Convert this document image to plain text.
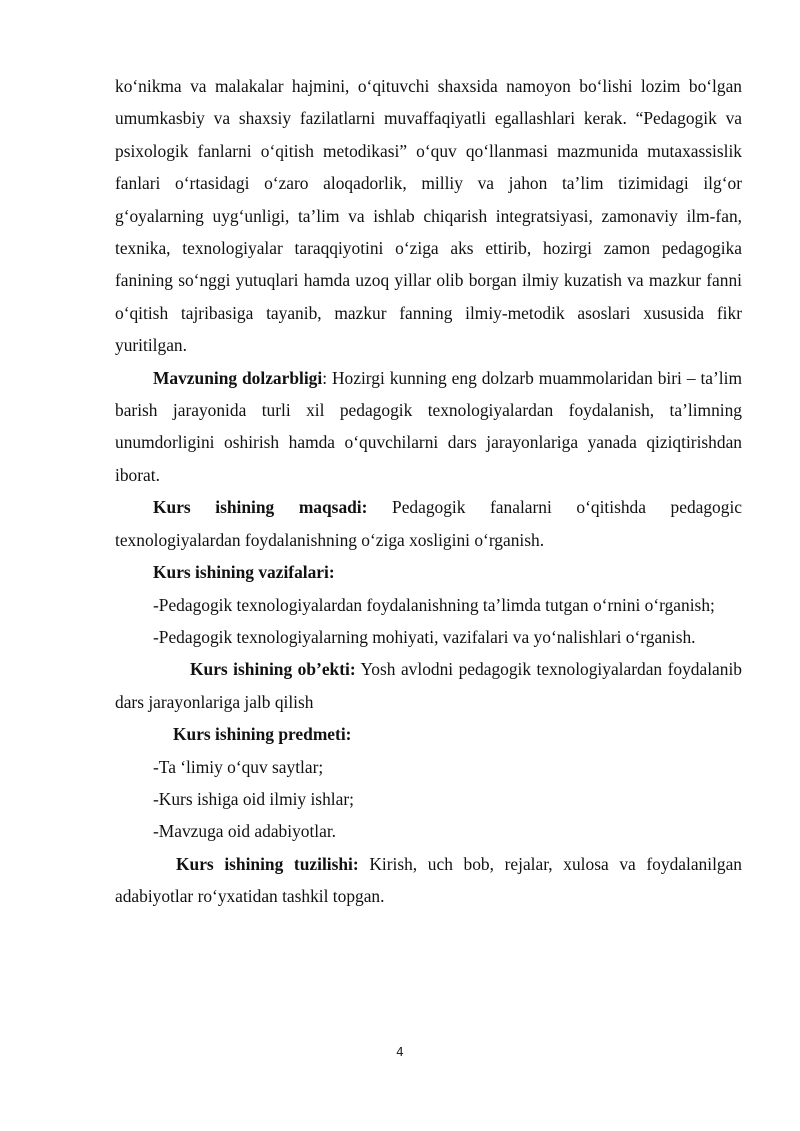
ko‘nikma va malakalar hajmini, o‘qituvchi shaxsida namoyon bo‘lishi lozim bo‘lgan umumkasbiy va shaxsiy fazilatlarni muvaffaqiyatli egallashlari kerak. “Pedagogik va psixologik fanlarni o‘qitish metodikasi” o‘quv qo‘llanmasi mazmunida mutaxassislik fanlari o‘rtasidagi o‘zaro aloqadorlik, milliy va jahon ta’lim tizimidagi ilg‘or g‘oyalarning uyg‘unligi, ta’lim va ishlab chiqarish integratsiyasi, zamonaviy ilm-fan, texnika, texnologiyalar taraqqiyotini o‘ziga aks ettirib, hozirgi zamon pedagogika fanining so‘nggi yutuqlari hamda uzoq yillar olib borgan ilmiy kuzatish va mazkur fanni o‘qitish tajribasiga tayanib, mazkur fanning ilmiy-metodik asoslari xususida fikr yuritilgan.

Mavzuning dolzarbligi: Hozirgi kunning eng dolzarb muammolaridan biri – ta’lim barish jarayonida turli xil pedagogik texnologiyalardan foydalanish, ta’limning unumdorligini oshirish hamda o‘quvchilarni dars jarayonlariga yanada qiziqtirishdan iborat.

Kurs ishining maqsadi: Pedagogik fanalarni o‘qitishda pedagogic texnologiyalardan foydalanishning o‘ziga xosligini o‘rganish.

Kurs ishining vazifalari:

-Pedagogik texnologiyalardan foydalanishning ta’limda tutgan o‘rnini o‘rganish;

-Pedagogik texnologiyalarning mohiyati, vazifalari va yo‘nalishlari o‘rganish.

Kurs ishining ob’ekti: Yosh avlodni pedagogik texnologiyalardan foydalanib dars jarayonlariga jalb qilish

Kurs ishining predmeti:

-Ta ‘limiy o‘quv saytlar;

-Kurs ishiga oid ilmiy ishlar;

-Mavzuga oid adabiyotlar.

Kurs ishining tuzilishi: Kirish, uch bob, rejalar, xulosa va foydalanilgan adabiyotlar ro‘yxatidan tashkil topgan.

4
